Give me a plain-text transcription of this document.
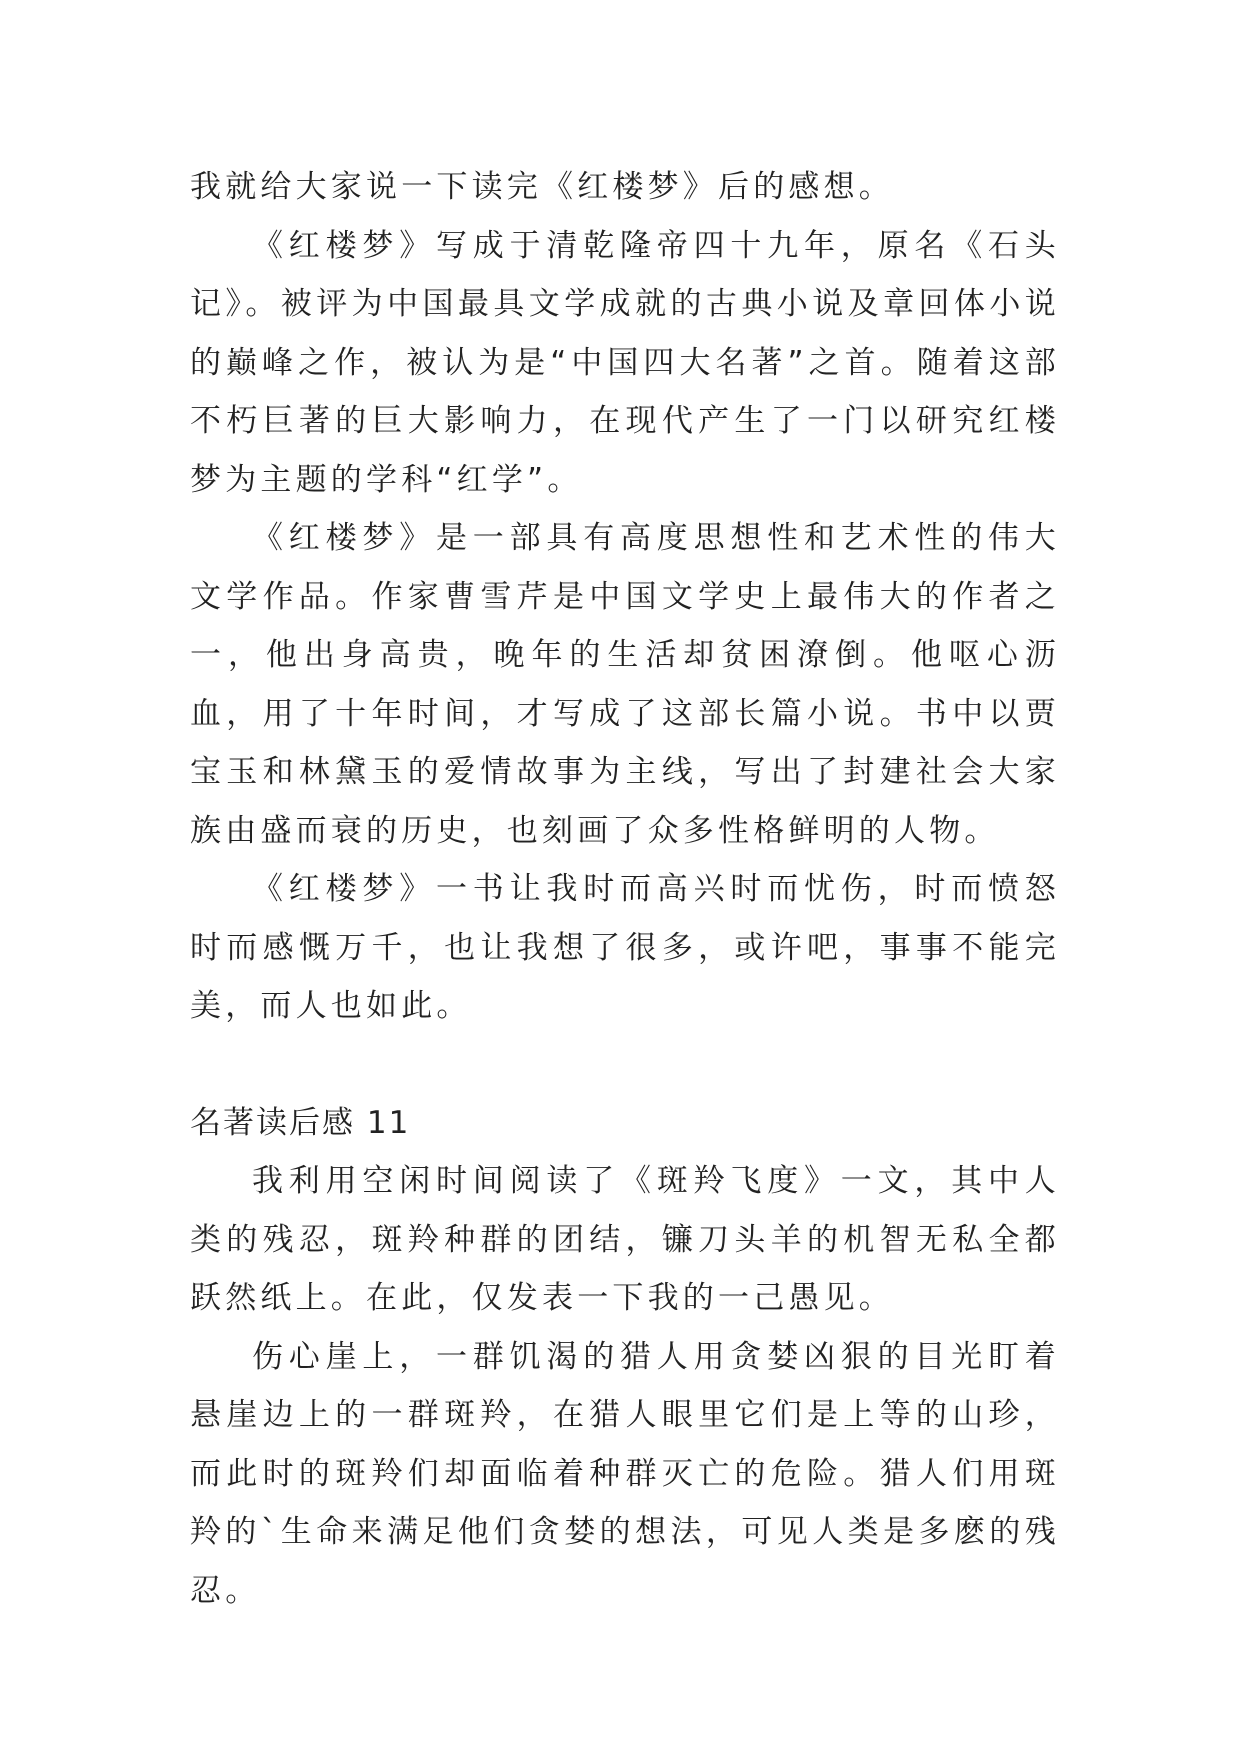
我就给大家说一下读完《红楼梦》后的感想。

《红楼梦》写成于清乾隆帝四十九年，原名《石头记》。被评为中国最具文学成就的古典小说及章回体小说的巅峰之作，被认为是“中国四大名著”之首。随着这部不朽巨著的巨大影响力，在现代产生了一门以研究红楼梦为主题的学科“红学”。

《红楼梦》是一部具有高度思想性和艺术性的伟大文学作品。作家曹雪芹是中国文学史上最伟大的作者之一，他出身高贵，晚年的生活却贫困潦倒。他呕心沥血，用了十年时间，才写成了这部长篇小说。书中以贾宝玉和林黛玉的爱情故事为主线，写出了封建社会大家族由盛而衰的历史，也刻画了众多性格鲜明的人物。

《红楼梦》一书让我时而高兴时而忧伤，时而愤怒时而感慨万千，也让我想了很多，或许吧，事事不能完美，而人也如此。

名著读后感 11

我利用空闲时间阅读了《斑羚飞度》一文，其中人类的残忍，斑羚种群的团结，镰刀头羊的机智无私全都跃然纸上。在此，仅发表一下我的一己愚见。

伤心崖上，一群饥渴的猎人用贪婪凶狠的目光盯着悬崖边上的一群斑羚，在猎人眼里它们是上等的山珍，而此时的斑羚们却面临着种群灭亡的危险。猎人们用斑羚的`生命来满足他们贪婪的想法，可见人类是多麽的残忍。
